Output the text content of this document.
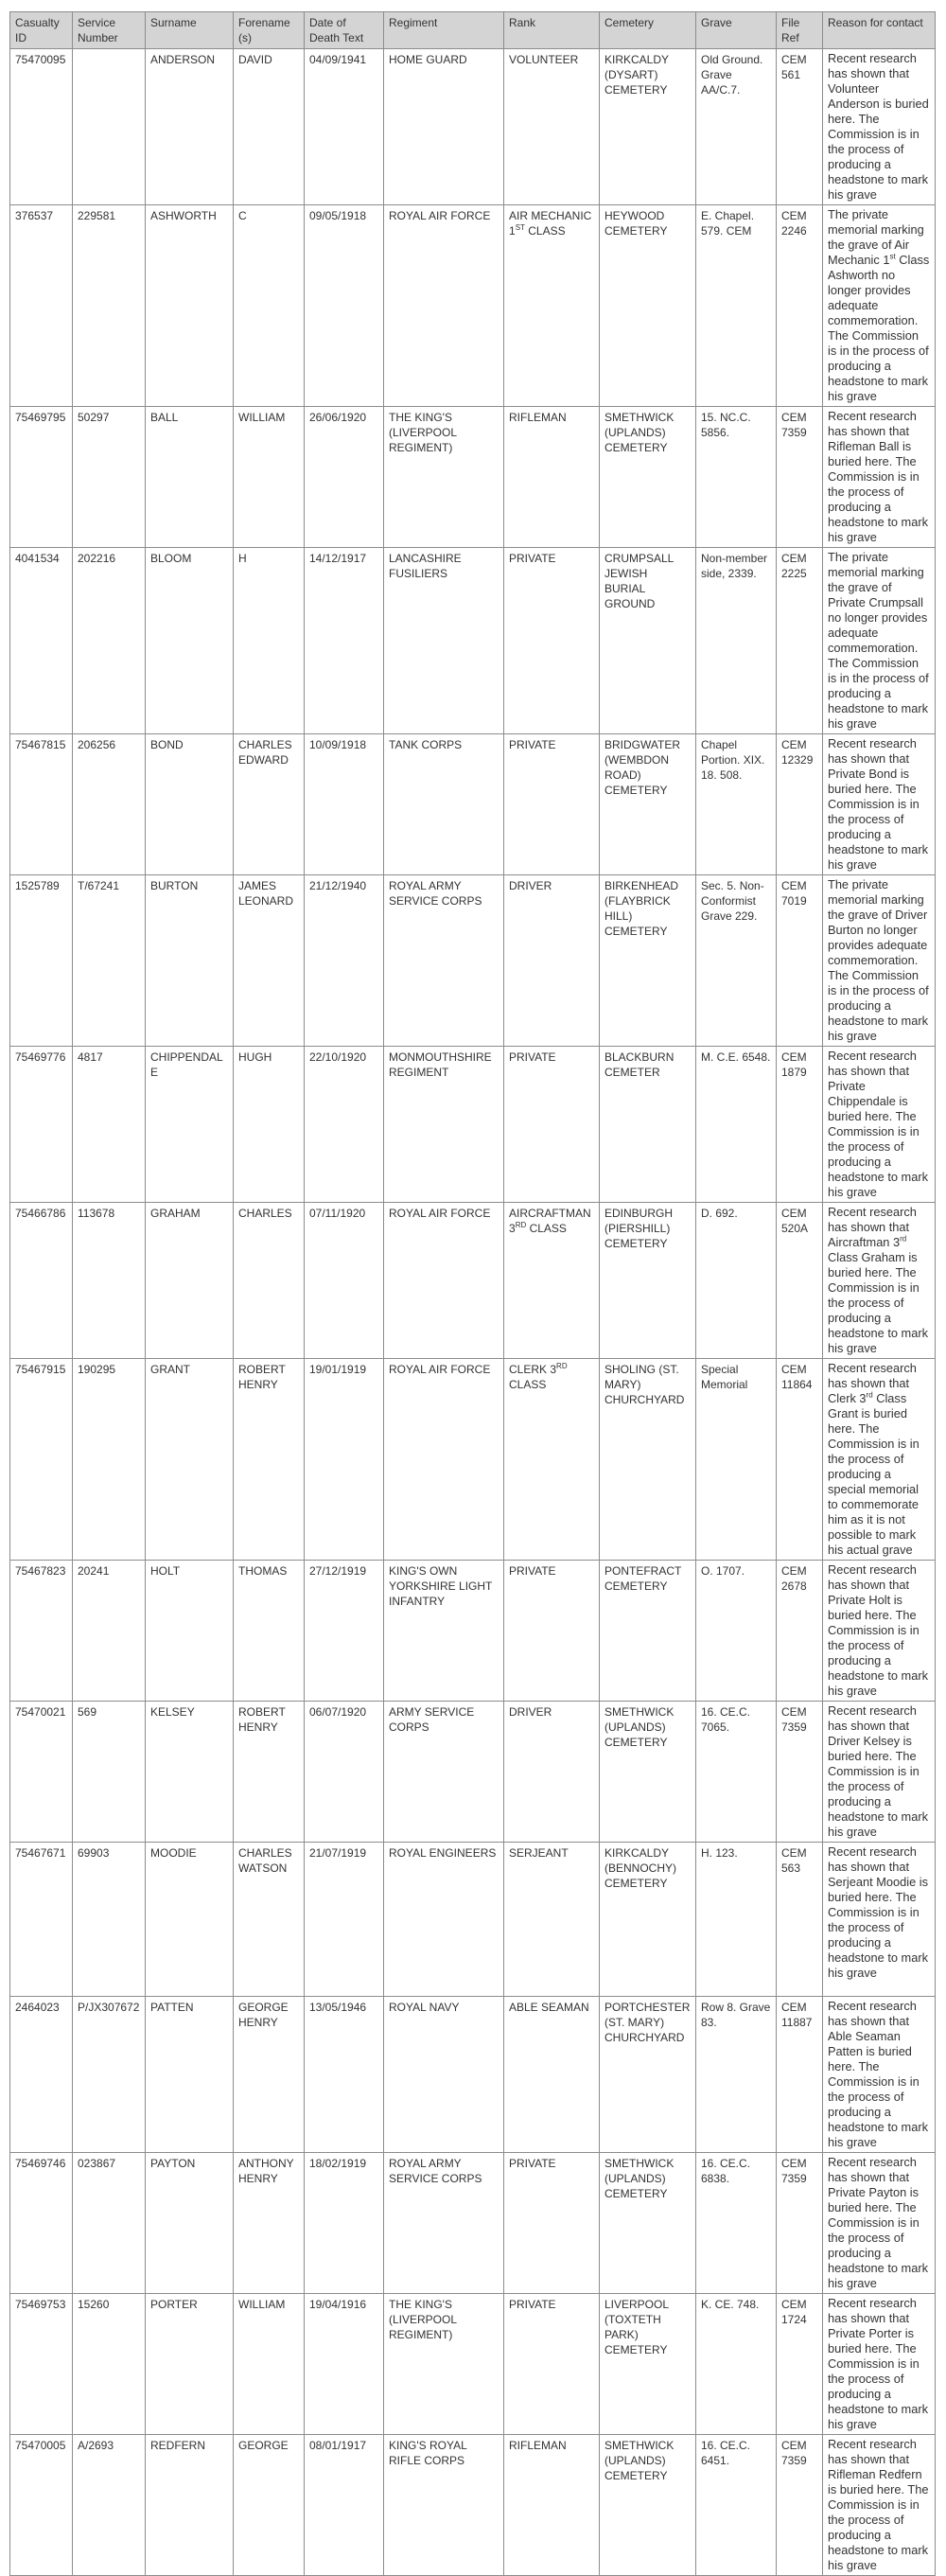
Casualty ID	Service Number	Surname	Forename (s)	Date of Death Text	Regiment	Rank	Cemetery	Grave	File Ref	Reason for contact
75470095		ANDERSON	DAVID	04/09/1941	HOME GUARD	VOLUNTEER	KIRKCALDY (DYSART) CEMETERY	Old Ground. Grave AA/C.7.	CEM 561	Recent research has shown that Volunteer Anderson is buried here. The Commission is in the process of producing a headstone to mark his grave
376537	229581	ASHWORTH	C	09/05/1918	ROYAL AIR FORCE	AIR MECHANIC 1ST CLASS	HEYWOOD CEMETERY	E. Chapel. 579. CEM	CEM 2246	The private memorial marking the grave of Air Mechanic 1st Class Ashworth no longer provides adequate commemoration. The Commission is in the process of producing a headstone to mark his grave
75469795	50297	BALL	WILLIAM	26/06/1920	THE KING'S (LIVERPOOL REGIMENT)	RIFLEMAN	SMETHWICK (UPLANDS) CEMETERY	15. NC.C. 5856.	CEM 7359	Recent research has shown that Rifleman Ball is buried here. The Commission is in the process of producing a headstone to mark his grave
4041534	202216	BLOOM	H	14/12/1917	LANCASHIRE FUSILIERS	PRIVATE	CRUMPSALL JEWISH BURIAL GROUND	Non-member side, 2339.	CEM 2225	The private memorial marking the grave of Private Crumpsall no longer provides adequate commemoration. The Commission is in the process of producing a headstone to mark his grave
75467815	206256	BOND	CHARLES EDWARD	10/09/1918	TANK CORPS	PRIVATE	BRIDGWATER (WEMBDON ROAD) CEMETERY	Chapel Portion. XIX. 18. 508.	CEM 12329	Recent research has shown that Private Bond is buried here. The Commission is in the process of producing a headstone to mark his grave
1525789	T/67241	BURTON	JAMES LEONARD	21/12/1940	ROYAL ARMY SERVICE CORPS	DRIVER	BIRKENHEAD (FLAYBRICK HILL) CEMETERY	Sec. 5. Non-Conformist Grave 229.	CEM 7019	The private memorial marking the grave of Driver Burton no longer provides adequate commemoration. The Commission is in the process of producing a headstone to mark his grave
75469776	4817	CHIPPENDALE	HUGH	22/10/1920	MONMOUTHSHIRE REGIMENT	PRIVATE	BLACKBURN CEMETER	M. C.E. 6548.	CEM 1879	Recent research has shown that Private Chippendale is buried here. The Commission is in the process of producing a headstone to mark his grave
75466786	113678	GRAHAM	CHARLES	07/11/1920	ROYAL AIR FORCE	AIRCRAFTMAN 3RD CLASS	EDINBURGH (PIERSHILL) CEMETERY	D. 692.	CEM 520A	Recent research has shown that Aircraftman 3rd Class Graham is buried here. The Commission is in the process of producing a headstone to mark his grave
75467915	190295	GRANT	ROBERT HENRY	19/01/1919	ROYAL AIR FORCE	CLERK 3RD CLASS	SHOLING (ST. MARY) CHURCHYARD	Special Memorial	CEM 11864	Recent research has shown that Clerk 3rd Class Grant is buried here. The Commission is in the process of producing a special memorial to commemorate him as it is not possible to mark his actual grave
75467823	20241	HOLT	THOMAS	27/12/1919	KING'S OWN YORKSHIRE LIGHT INFANTRY	PRIVATE	PONTEFRACT CEMETERY	O. 1707.	CEM 2678	Recent research has shown that Private Holt is buried here. The Commission is in the process of producing a headstone to mark his grave
75470021	569	KELSEY	ROBERT HENRY	06/07/1920	ARMY SERVICE CORPS	DRIVER	SMETHWICK (UPLANDS) CEMETERY	16. CE.C. 7065.	CEM 7359	Recent research has shown that Driver Kelsey is buried here. The Commission is in the process of producing a headstone to mark his grave
75467671	69903	MOODIE	CHARLES WATSON	21/07/1919	ROYAL ENGINEERS	SERJEANT	KIRKCALDY (BENNOCHY) CEMETERY	H. 123.	CEM 563	Recent research has shown that Serjeant Moodie is buried here. The Commission is in the process of producing a headstone to mark his grave
2464023	P/JX307672	PATTEN	GEORGE HENRY	13/05/1946	ROYAL NAVY	ABLE SEAMAN	PORTCHESTER (ST. MARY) CHURCHYARD	Row 8. Grave 83.	CEM 11887	Recent research has shown that Able Seaman Patten is buried here. The Commission is in the process of producing a headstone to mark his grave
75469746	023867	PAYTON	ANTHONY HENRY	18/02/1919	ROYAL ARMY SERVICE CORPS	PRIVATE	SMETHWICK (UPLANDS) CEMETERY	16. CE.C. 6838.	CEM 7359	Recent research has shown that Private Payton is buried here. The Commission is in the process of producing a headstone to mark his grave
75469753	15260	PORTER	WILLIAM	19/04/1916	THE KING'S (LIVERPOOL REGIMENT)	PRIVATE	LIVERPOOL (TOXTETH PARK) CEMETERY	K. CE. 748.	CEM 1724	Recent research has shown that Private Porter is buried here. The Commission is in the process of producing a headstone to mark his grave
75470005	A/2693	REDFERN	GEORGE	08/01/1917	KING'S ROYAL RIFLE CORPS	RIFLEMAN	SMETHWICK (UPLANDS) CEMETERY	16. CE.C. 6451.	CEM 7359	Recent research has shown that Rifleman Redfern is buried here. The Commission is in the process of producing a headstone to mark his grave
